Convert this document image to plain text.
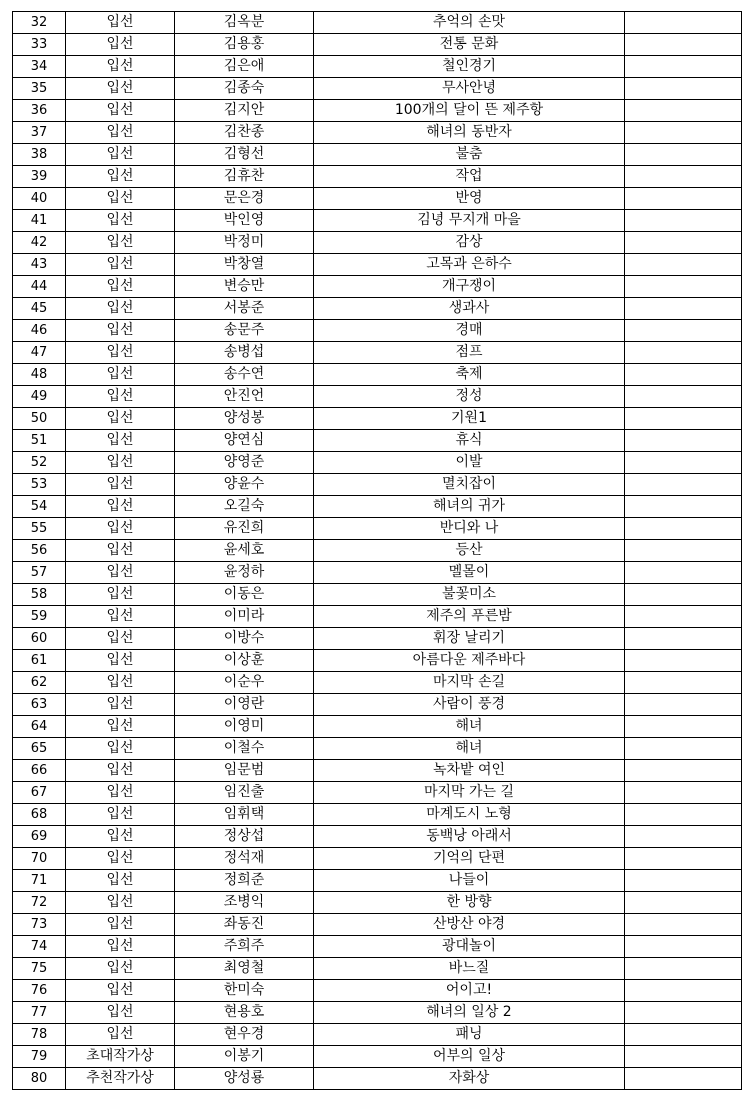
32	입선	김옥분	추억의 손맛	
33	입선	김용홍	전통 문화	
34	입선	김은애	철인경기	
35	입선	김종숙	무사안녕	
36	입선	김지안	100개의 달이 뜬 제주항	
37	입선	김찬종	해녀의 동반자	
38	입선	김형선	불춤	
39	입선	김휴찬	작업	
40	입선	문은경	반영	
41	입선	박인영	김녕 무지개 마을	
42	입선	박정미	감상	
43	입선	박창열	고목과 은하수	
44	입선	변승만	개구쟁이	
45	입선	서봉준	생과사	
46	입선	송문주	경매	
47	입선	송병섭	점프	
48	입선	송수연	축제	
49	입선	안진언	정성	
50	입선	양성봉	기원1	
51	입선	양연심	휴식	
52	입선	양영준	이발	
53	입선	양윤수	멸치잡이	
54	입선	오길숙	해녀의 귀가	
55	입선	유진희	반디와 나	
56	입선	윤세호	등산	
57	입선	윤정하	멜몰이	
58	입선	이동은	불꽃미소	
59	입선	이미라	제주의 푸른밤	
60	입선	이방수	휘장 날리기	
61	입선	이상훈	아름다운 제주바다	
62	입선	이순우	마지막 손길	
63	입선	이영란	사람이 풍경	
64	입선	이영미	해녀	
65	입선	이철수	해녀	
66	입선	임문범	녹차밭 여인	
67	입선	임진출	마지막 가는 길	
68	입선	임휘택	마계도시 노형	
69	입선	정상섭	동백낭 아래서	
70	입선	정석재	기억의 단편	
71	입선	정희준	나들이	
72	입선	조병익	한 방향	
73	입선	좌동진	산방산 야경	
74	입선	주희주	광대놀이	
75	입선	최영철	바느질	
76	입선	한미숙	어이고!	
77	입선	현용호	해녀의 일상 2	
78	입선	현우경	패닝	
79	초대작가상	이봉기	어부의 일상	
80	추천작가상	양성룡	자화상	
